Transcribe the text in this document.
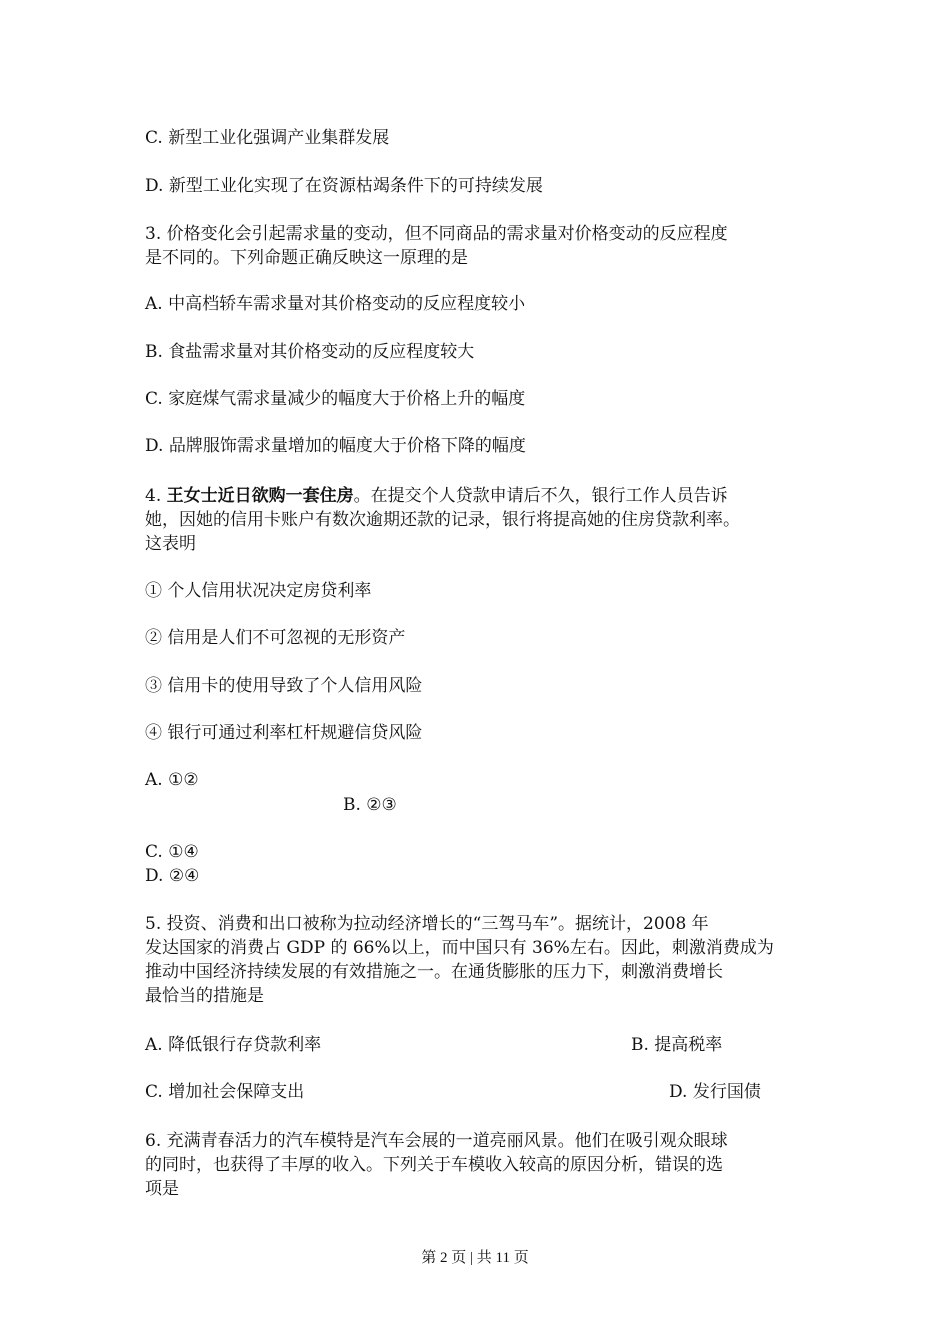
C. 新型工业化强调产业集群发展
D. 新型工业化实现了在资源枯竭条件下的可持续发展
3. 价格变化会引起需求量的变动，但不同商品的需求量对价格变动的反应程度
是不同的。下列命题正确反映这一原理的是
A. 中高档轿车需求量对其价格变动的反应程度较小
B. 食盐需求量对其价格变动的反应程度较大
C. 家庭煤气需求量减少的幅度大于价格上升的幅度
D. 品牌服饰需求量增加的幅度大于价格下降的幅度
4. 王女士近日欲购一套住房。在提交个人贷款申请后不久，银行工作人员告诉
她，因她的信用卡账户有数次逾期还款的记录，银行将提高她的住房贷款利率。
这表明
① 个人信用状况决定房贷利率
② 信用是人们不可忽视的无形资产
③ 信用卡的使用导致了个人信用风险
④ 银行可通过利率杠杆规避信贷风险
A. ①②
B. ②③
C. ①④
D. ②④
5. 投资、消费和出口被称为拉动经济增长的“三驾马车”。据统计，2008 年
发达国家的消费占 GDP 的 66%以上，而中国只有 36%左右。因此，刺激消费成为
推动中国经济持续发展的有效措施之一。在通货膨胀的压力下，刺激消费增长
最恰当的措施是
A. 降低银行存贷款利率	B. 提高税率
C. 增加社会保障支出	D. 发行国债
6. 充满青春活力的汽车模特是汽车会展的一道亮丽风景。他们在吸引观众眼球
的同时，也获得了丰厚的收入。下列关于车模收入较高的原因分析，错误的选
项是
第 2 页 | 共 11 页
